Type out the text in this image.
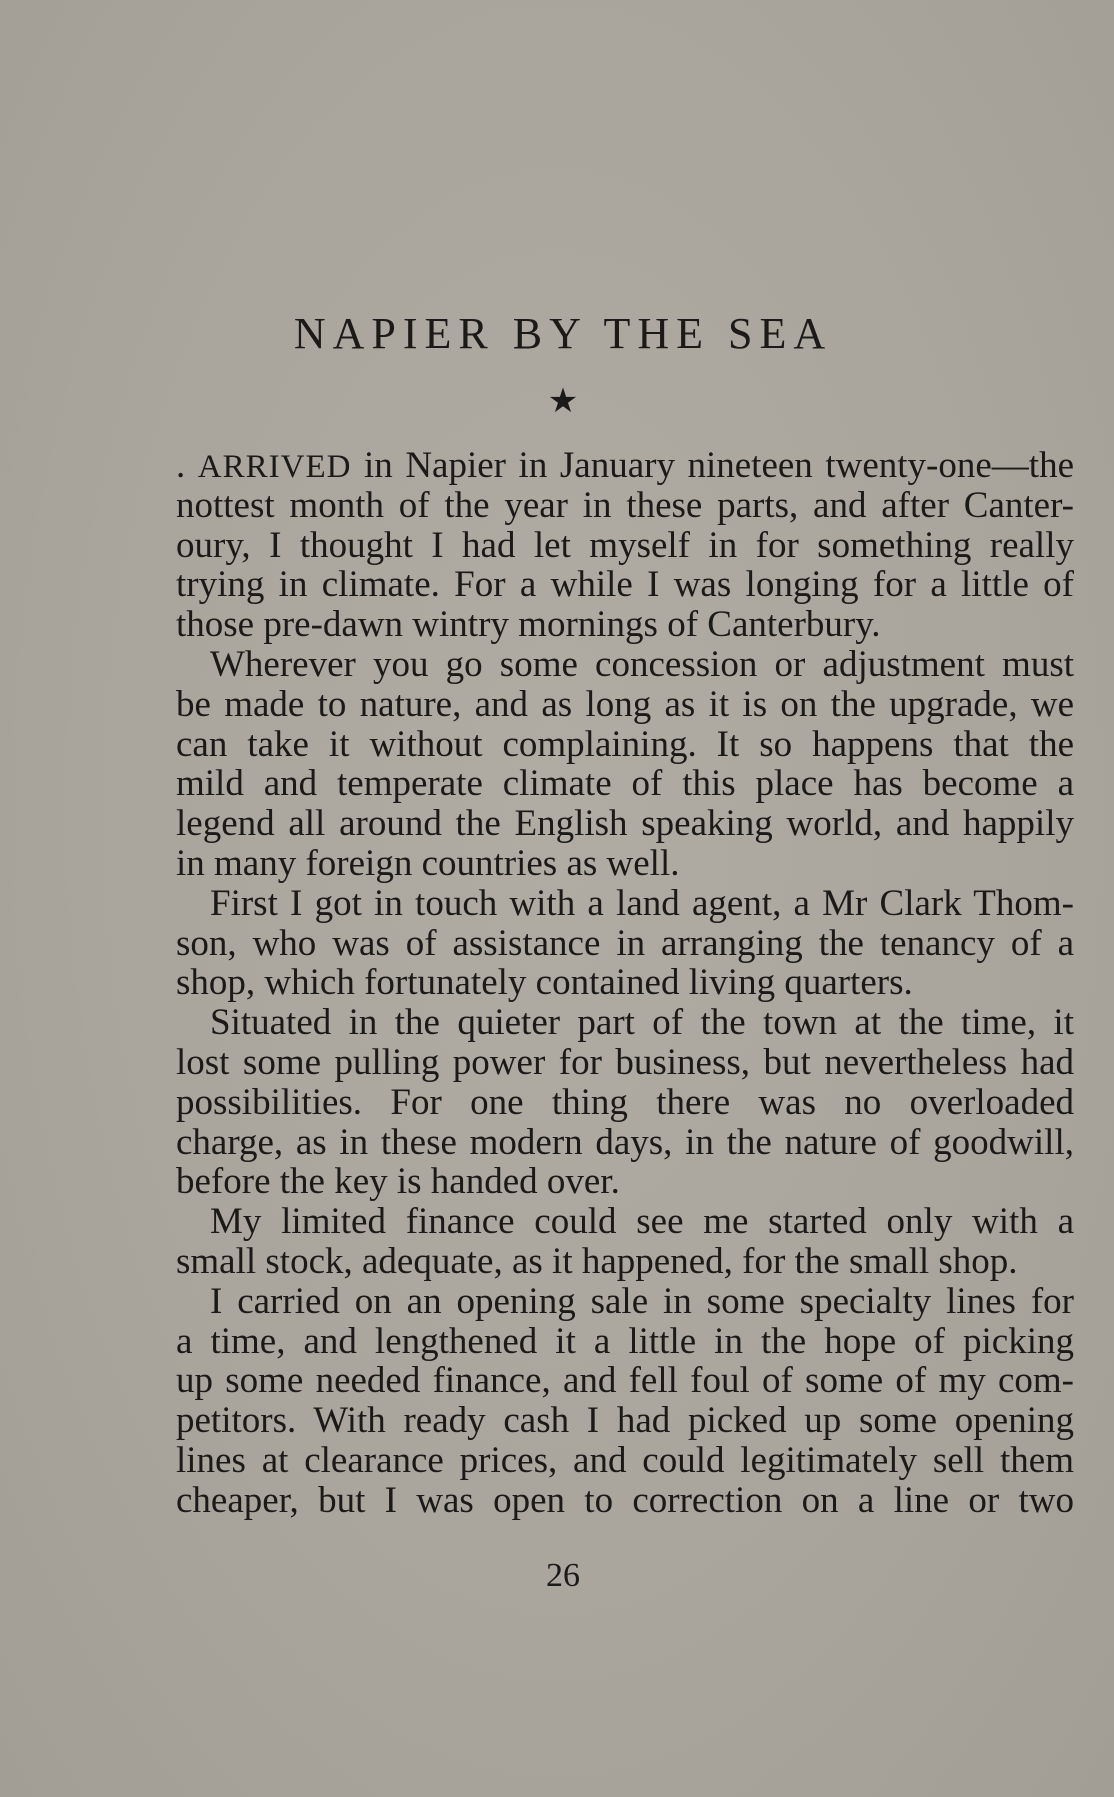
NAPIER BY THE SEA
★
. ARRIVED in Napier in January nineteen twenty-one—the
nottest month of the year in these parts, and after Canter-
oury, I thought I had let myself in for something really
trying in climate. For a while I was longing for a little of
those pre-dawn wintry mornings of Canterbury.
Wherever you go some concession or adjustment must
be made to nature, and as long as it is on the upgrade, we
can take it without complaining. It so happens that the
mild and temperate climate of this place has become a
legend all around the English speaking world, and happily
in many foreign countries as well.
First I got in touch with a land agent, a Mr Clark Thom-
son, who was of assistance in arranging the tenancy of a
shop, which fortunately contained living quarters.
Situated in the quieter part of the town at the time, it
lost some pulling power for business, but nevertheless had
possibilities. For one thing there was no overloaded
charge, as in these modern days, in the nature of goodwill,
before the key is handed over.
My limited finance could see me started only with a
small stock, adequate, as it happened, for the small shop.
I carried on an opening sale in some specialty lines for
a time, and lengthened it a little in the hope of picking
up some needed finance, and fell foul of some of my com-
petitors. With ready cash I had picked up some opening
lines at clearance prices, and could legitimately sell them
cheaper, but I was open to correction on a line or two
26
